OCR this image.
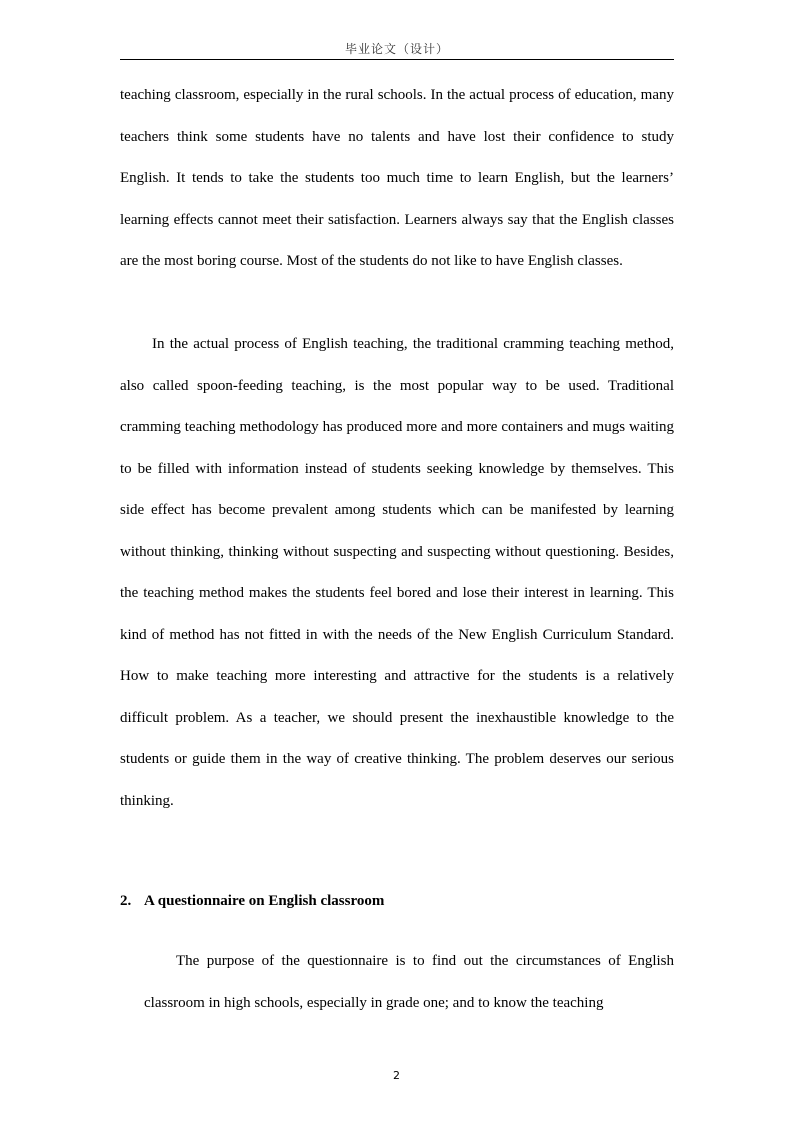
毕业论文（设计）

teaching classroom, especially in the rural schools. In the actual process of education, many teachers think some students have no talents and have lost their confidence to study English. It tends to take the students too much time to learn English, but the learners’ learning effects cannot meet their satisfaction. Learners always say that the English classes are the most boring course. Most of the students do not like to have English classes.

In the actual process of English teaching, the traditional cramming teaching method, also called spoon-feeding teaching, is the most popular way to be used. Traditional cramming teaching methodology has produced more and more containers and mugs waiting to be filled with information instead of students seeking knowledge by themselves. This side effect has become prevalent among students which can be manifested by learning without thinking, thinking without suspecting and suspecting without questioning. Besides, the teaching method makes the students feel bored and lose their interest in learning. This kind of method has not fitted in with the needs of the New English Curriculum Standard. How to make teaching more interesting and attractive for the students is a relatively difficult problem. As a teacher, we should present the inexhaustible knowledge to the students or guide them in the way of creative thinking. The problem deserves our serious thinking.

2. A questionnaire on English classroom

The purpose of the questionnaire is to find out the circumstances of English classroom in high schools, especially in grade one; and to know the teaching

2
